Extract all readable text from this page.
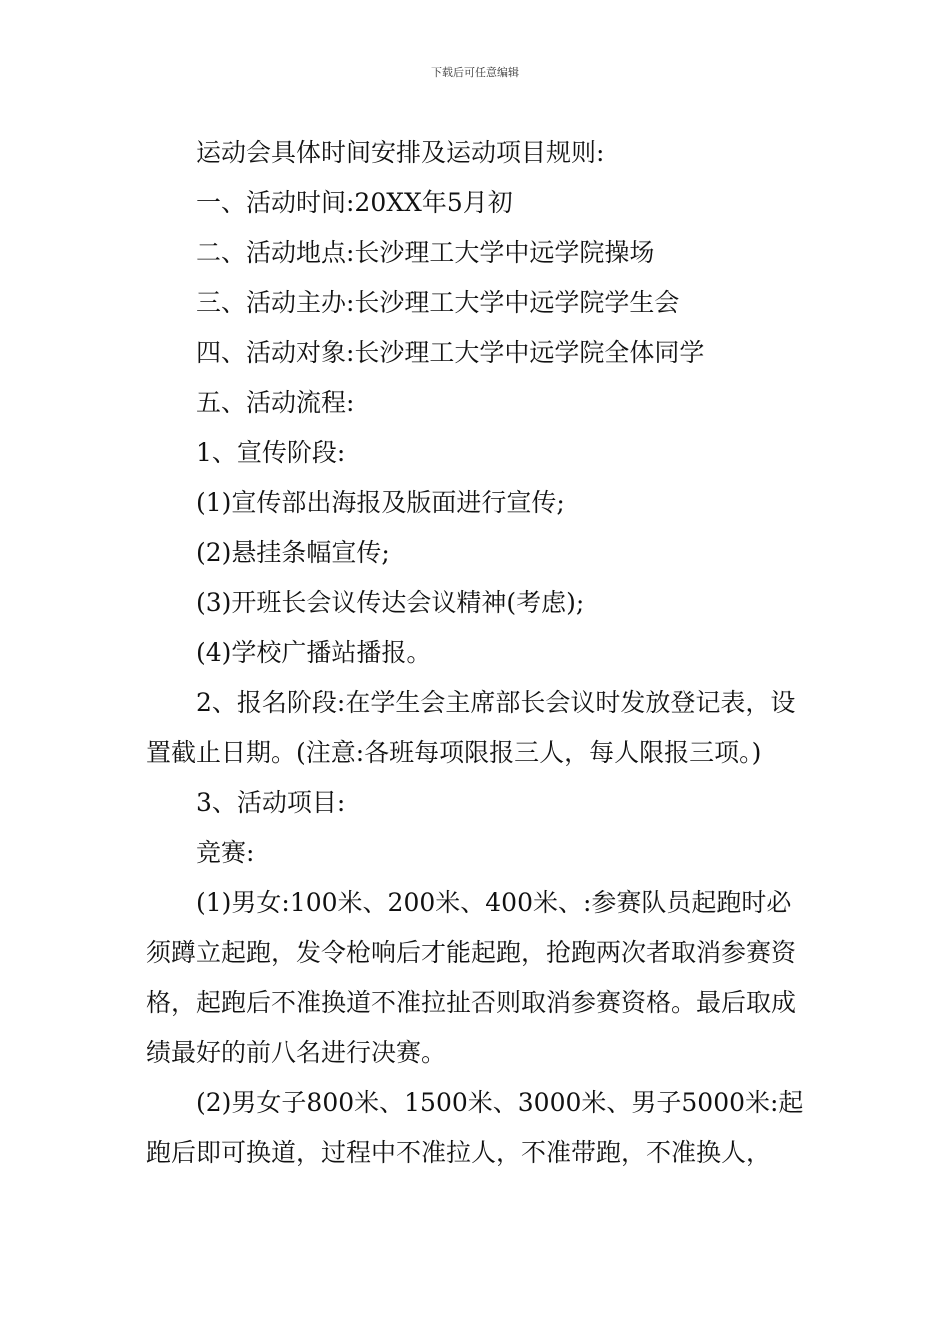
下载后可任意编辑

运动会具体时间安排及运动项目规则:

一、活动时间:20XX年5月初

二、活动地点:长沙理工大学中远学院操场

三、活动主办:长沙理工大学中远学院学生会

四、活动对象:长沙理工大学中远学院全体同学

五、活动流程:

1、宣传阶段:

(1)宣传部出海报及版面进行宣传;

(2)悬挂条幅宣传;

(3)开班长会议传达会议精神(考虑);

(4)学校广播站播报。

2、报名阶段:在学生会主席部长会议时发放登记表，设置截止日期。(注意:各班每项限报三人，每人限报三项。)

3、活动项目:

竞赛:

(1)男女:100米、200米、400米、:参赛队员起跑时必须蹲立起跑，发令枪响后才能起跑，抢跑两次者取消参赛资格，起跑后不准换道不准拉扯否则取消参赛资格。最后取成绩最好的前八名进行决赛。

(2)男女子800米、1500米、3000米、男子5000米:起跑后即可换道，过程中不准拉人，不准带跑，不准换人，
